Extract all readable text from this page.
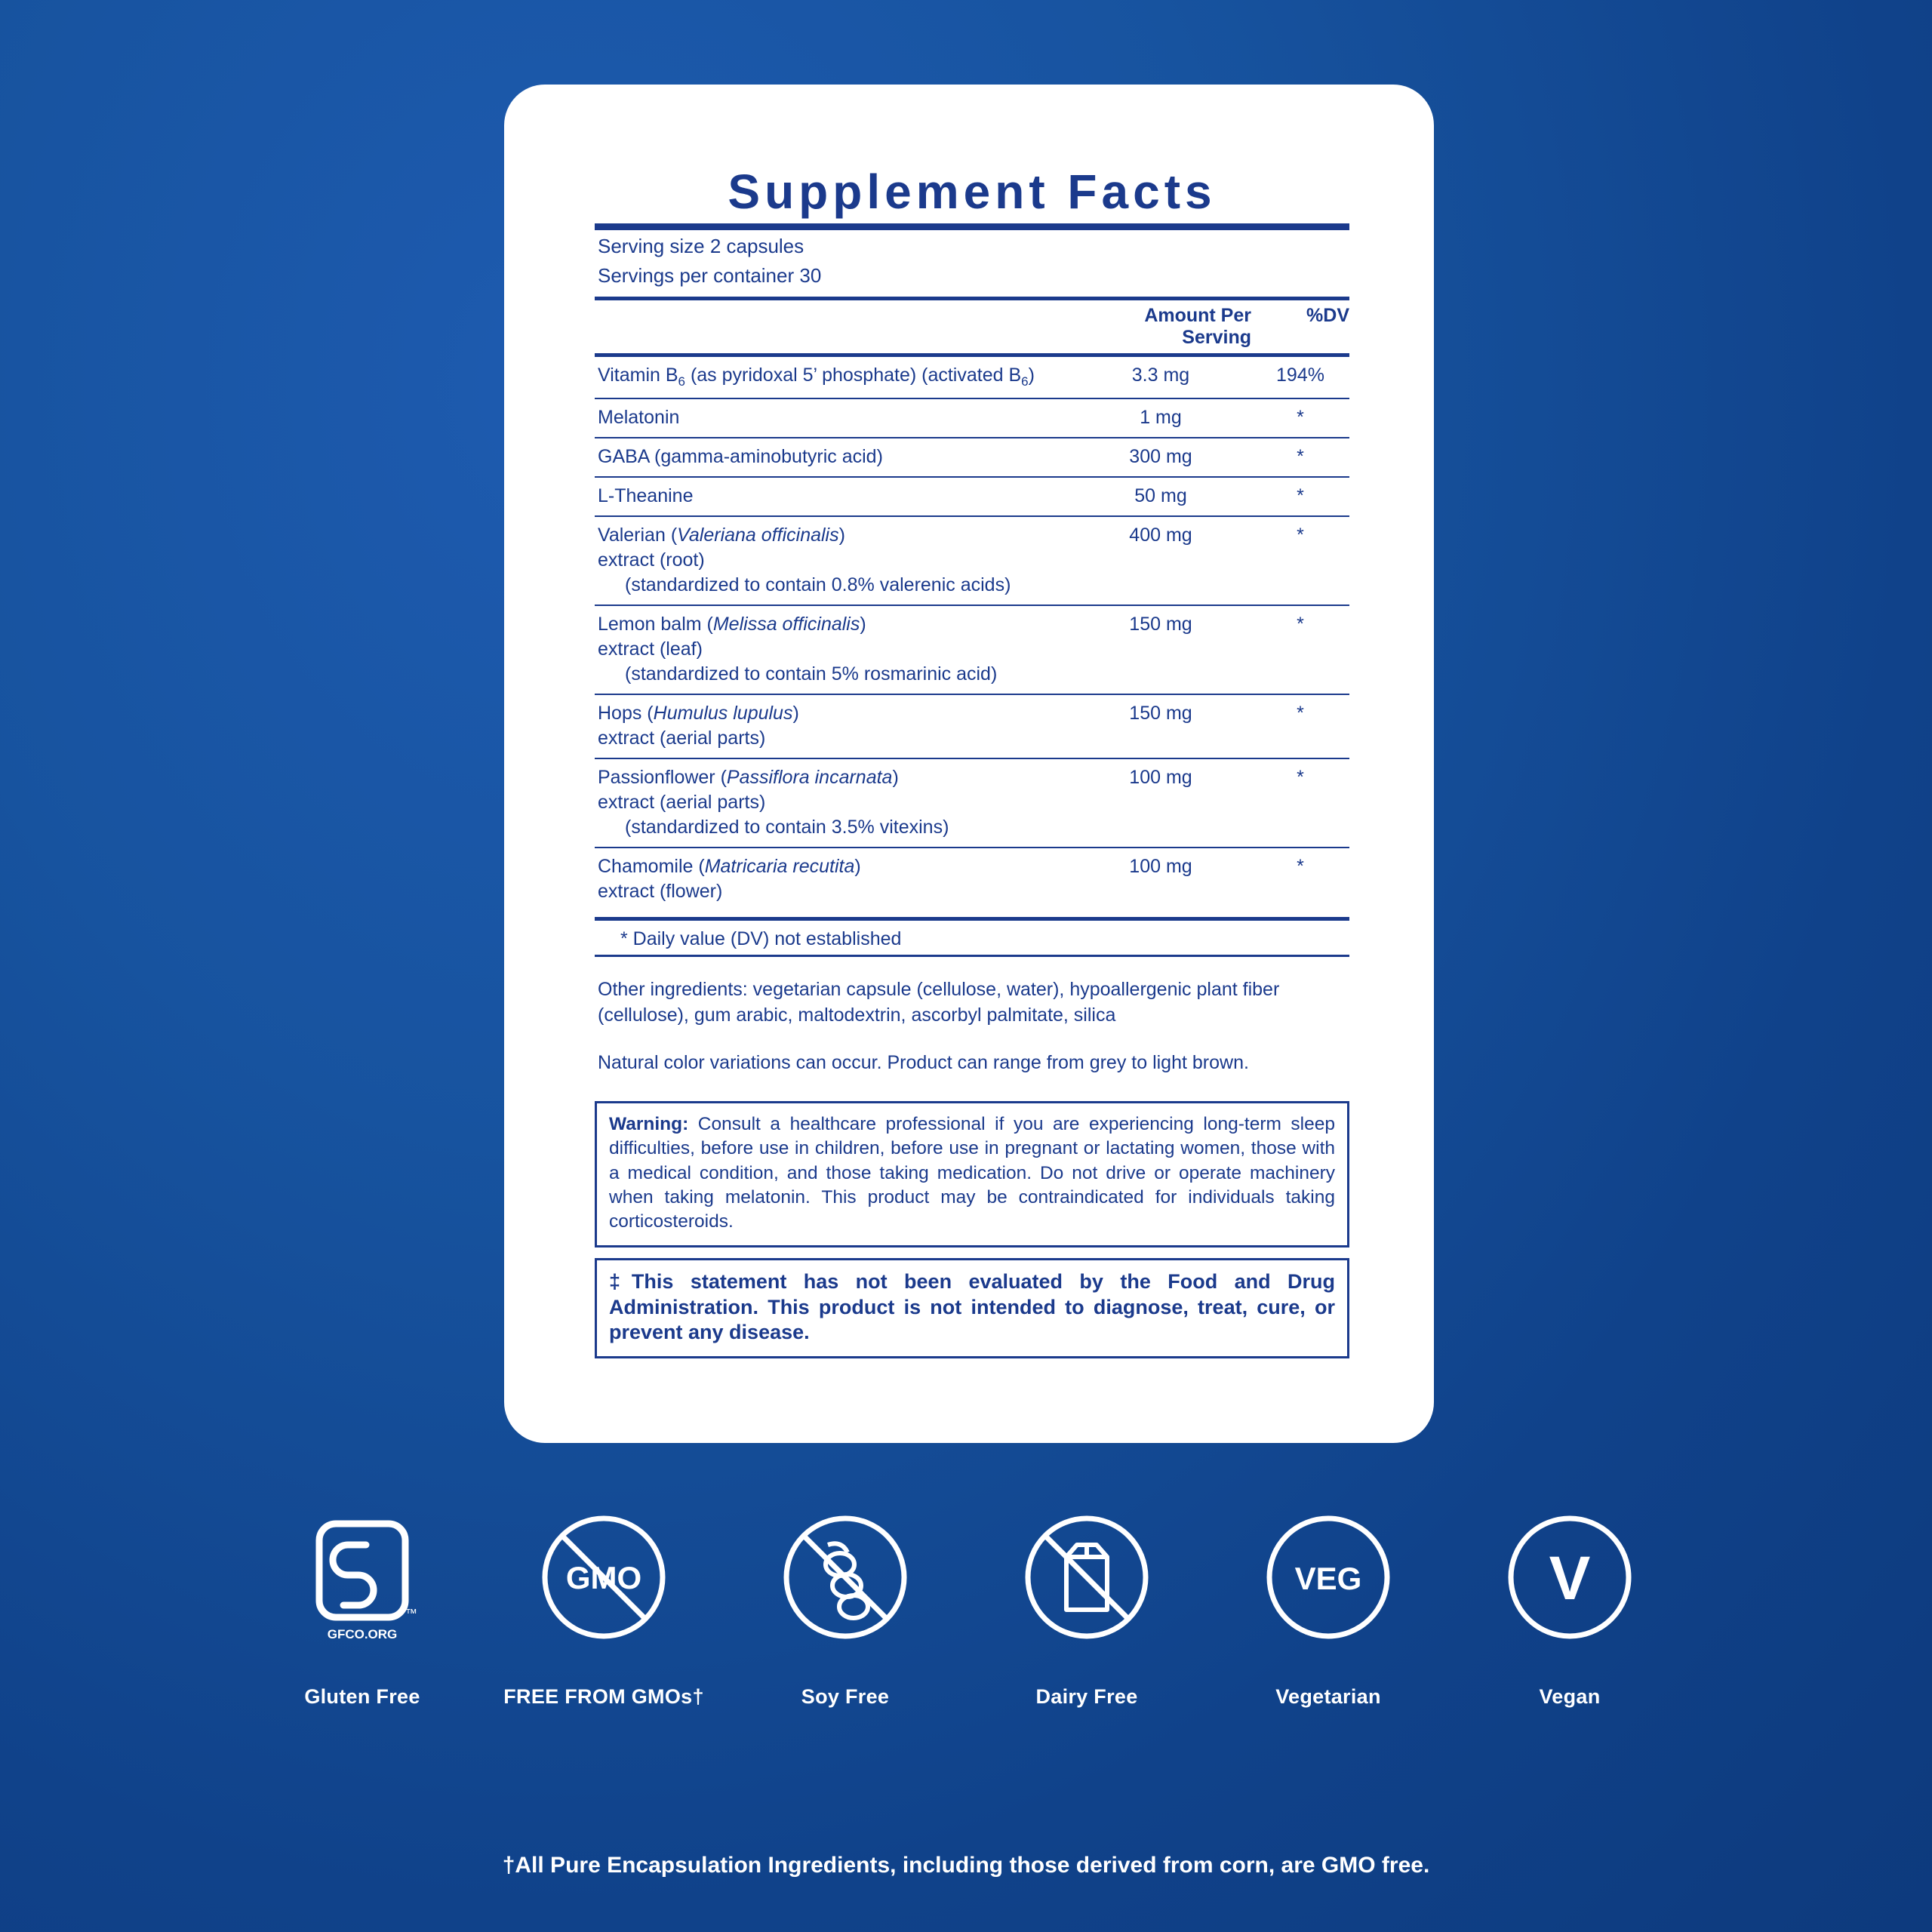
Supplement Facts
Serving size 2 capsules
Servings per container 30
	Amount Per Serving	%DV

Vitamin $B_6$ (as pyridoxal 5’ phosphate) (activated $B_6$)	3.3 mg	194%

Melatonin	1 mg	*

GABA (gamma-aminobutyric acid)	300 mg	*

L-Theanine	50 mg	*

Valerian (Valeriana officinalis)
extract (root)
(standardized to contain 0.8% valerenic acids)	400 mg	*

Lemon balm (Melissa officinalis)
extract (leaf)
(standardized to contain 5% rosmarinic acid)	150 mg	*

Hops (Humulus lupulus)
extract (aerial parts)	150 mg	*

Passionflower (Passiflora incarnata)
extract (aerial parts)
(standardized to contain 3.5% vitexins)	100 mg	*

Chamomile (Matricaria recutita)
extract (flower)	100 mg	*
* Daily value (DV) not established
Other ingredients: vegetarian capsule (cellulose, water), hypoallergenic plant fiber (cellulose), gum arabic, maltodextrin, ascorbyl palmitate, silica
Natural color variations can occur. Product can range from grey to light brown.
Warning: Consult a healthcare professional if you are experiencing long-term sleep difficulties, before use in children, before use in pregnant or lactating women, those with a medical condition, and those taking medication. Do not drive or operate machinery when taking melatonin. This product may be contraindicated for individuals taking corticosteroids.
‡This statement has not been evaluated by the Food and Drug Administration. This product is not intended to diagnose, treat, cure, or prevent any disease.
™
GFCO.ORG
Gluten Free
GMO
FREE FROM GMOs†	Soy Free	Dairy Free
VEG
Vegetarian
V
Vegan
†All Pure Encapsulation Ingredients, including those derived from corn, are GMO free.
